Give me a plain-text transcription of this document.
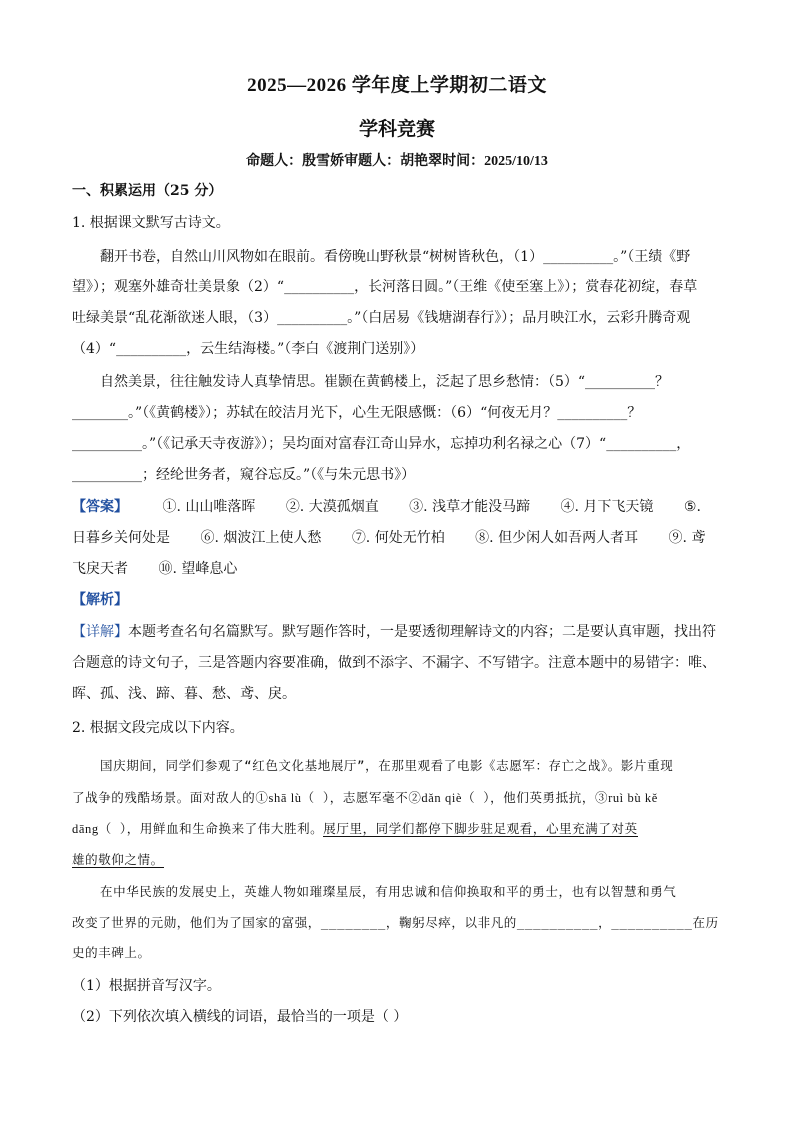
2025—2026 学年度上学期初二语文
学科竞赛
命题人：殷雪娇审题人：胡艳翠时间：2025/10/13
一、积累运用（25 分）
1. 根据课文默写古诗文。
翻开书卷，自然山川风物如在眼前。看傍晚山野秋景“树树皆秋色，（1）__________。”（王绩《野
望》）；观塞外雄奇壮美景象（2）“__________，长河落日圆。”（王维《使至塞上》）；赏春花初绽，春草
吐绿美景“乱花渐欲迷人眼，（3）__________。”（白居易《钱塘湖春行》）；品月映江水，云彩升腾奇观
（4）“__________，云生结海楼。”（李白《渡荆门送别》）
自然美景，往往触发诗人真挚情思。崔颢在黄鹤楼上，泛起了思乡愁情：（5）“__________？
________。”（《黄鹤楼》）；苏轼在皎洁月光下，心生无限感慨：（6）“何夜无月？__________？
__________。”（《记承天寺夜游》）；吴均面对富春江奇山异水，忘掉功利名禄之心（7）“__________，
__________；经纶世务者，窥谷忘反。”（《与朱元思书》）
【答案】 ①. 山山唯落晖 ②. 大漠孤烟直 ③. 浅草才能没马蹄 ④. 月下飞天镜 ⑤.
日暮乡关何处是 ⑥. 烟波江上使人愁 ⑦. 何处无竹柏 ⑧. 但少闲人如吾两人者耳 ⑨. 鸢
飞戾天者 ⑩. 望峰息心
【解析】
【详解】本题考查名句名篇默写。默写题作答时，一是要透彻理解诗文的内容；二是要认真审题，找出符
合题意的诗文句子，三是答题内容要准确，做到不添字、不漏字、不写错字。注意本题中的易错字：唯、
晖、孤、浅、蹄、暮、愁、鸢、戾。
2. 根据文段完成以下内容。
国庆期间，同学们参观了“红色文化基地展厅”，在那里观看了电影《志愿军：存亡之战》。影片重现
了战争的残酷场景。面对敌人的①shā lù（ ），志愿军毫不②dǎn qiè（ ），他们英勇抵抗，③ruì bù kě
dāng（ ），用鲜血和生命换来了伟大胜利。展厅里，同学们都停下脚步驻足观看，心里充满了对英
雄的敬仰之情。
在中华民族的发展史上，英雄人物如璀璨星辰，有用忠诚和信仰换取和平的勇士，也有以智慧和勇气
改变了世界的元勋，他们为了国家的富强，________，鞠躬尽瘁，以非凡的__________，__________在历
史的丰碑上。
（1）根据拼音写汉字。
（2）下列依次填入横线的词语，最恰当的一项是（ ）
